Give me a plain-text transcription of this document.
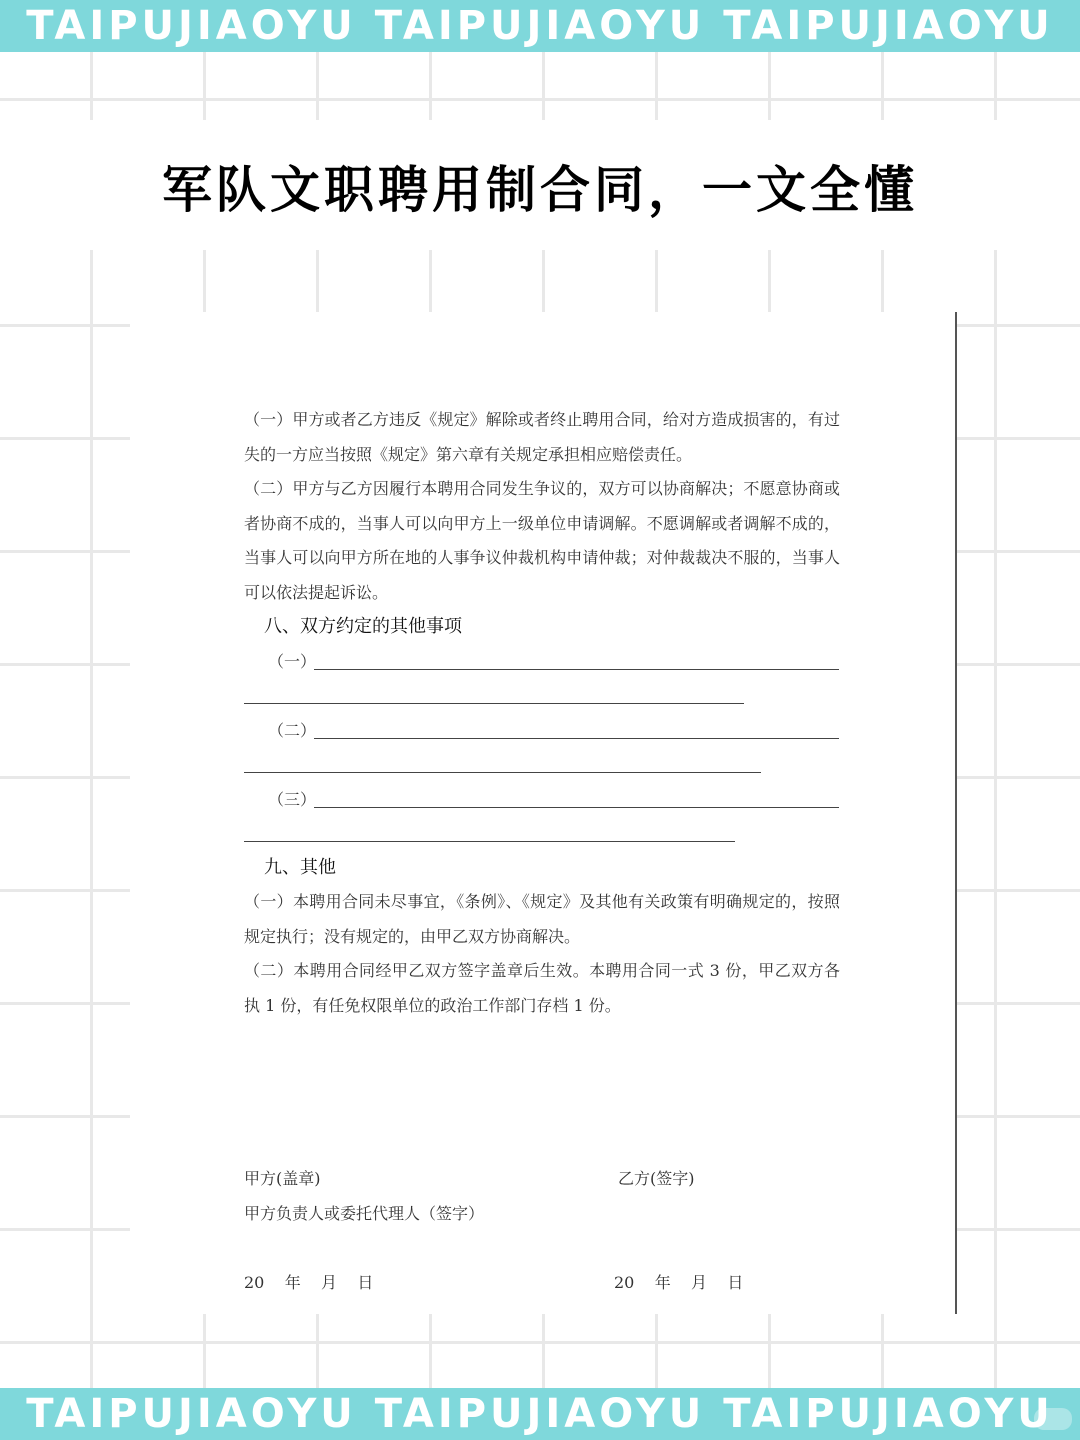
TAIPUJIAOYU TAIPUJIAOYU TAIPUJIAOYU
军队文职聘用制合同，一文全懂
（一）甲方或者乙方违反《规定》解除或者终止聘用合同，给对方造成损害的，有过失的一方应当按照《规定》第六章有关规定承担相应赔偿责任。
（二）甲方与乙方因履行本聘用合同发生争议的，双方可以协商解决；不愿意协商或者协商不成的，当事人可以向甲方上一级单位申请调解。不愿调解或者调解不成的，当事人可以向甲方所在地的人事争议仲裁机构申请仲裁；对仲裁裁决不服的，当事人可以依法提起诉讼。
八、双方约定的其他事项
（一）
（二）
（三）
九、其他
（一）本聘用合同未尽事宜，《条例》、《规定》及其他有关政策有明确规定的，按照规定执行；没有规定的，由甲乙双方协商解决。
（二）本聘用合同经甲乙双方签字盖章后生效。本聘用合同一式 3 份，甲乙双方各执 1 份，有任免权限单位的政治工作部门存档 1 份。
甲方(盖章)	乙方(签字)
甲方负责人或委托代理人（签字）
20    年    月    日	20    年    月    日
TAIPUJIAOYU TAIPUJIAOYU TAIPUJIAOYU
